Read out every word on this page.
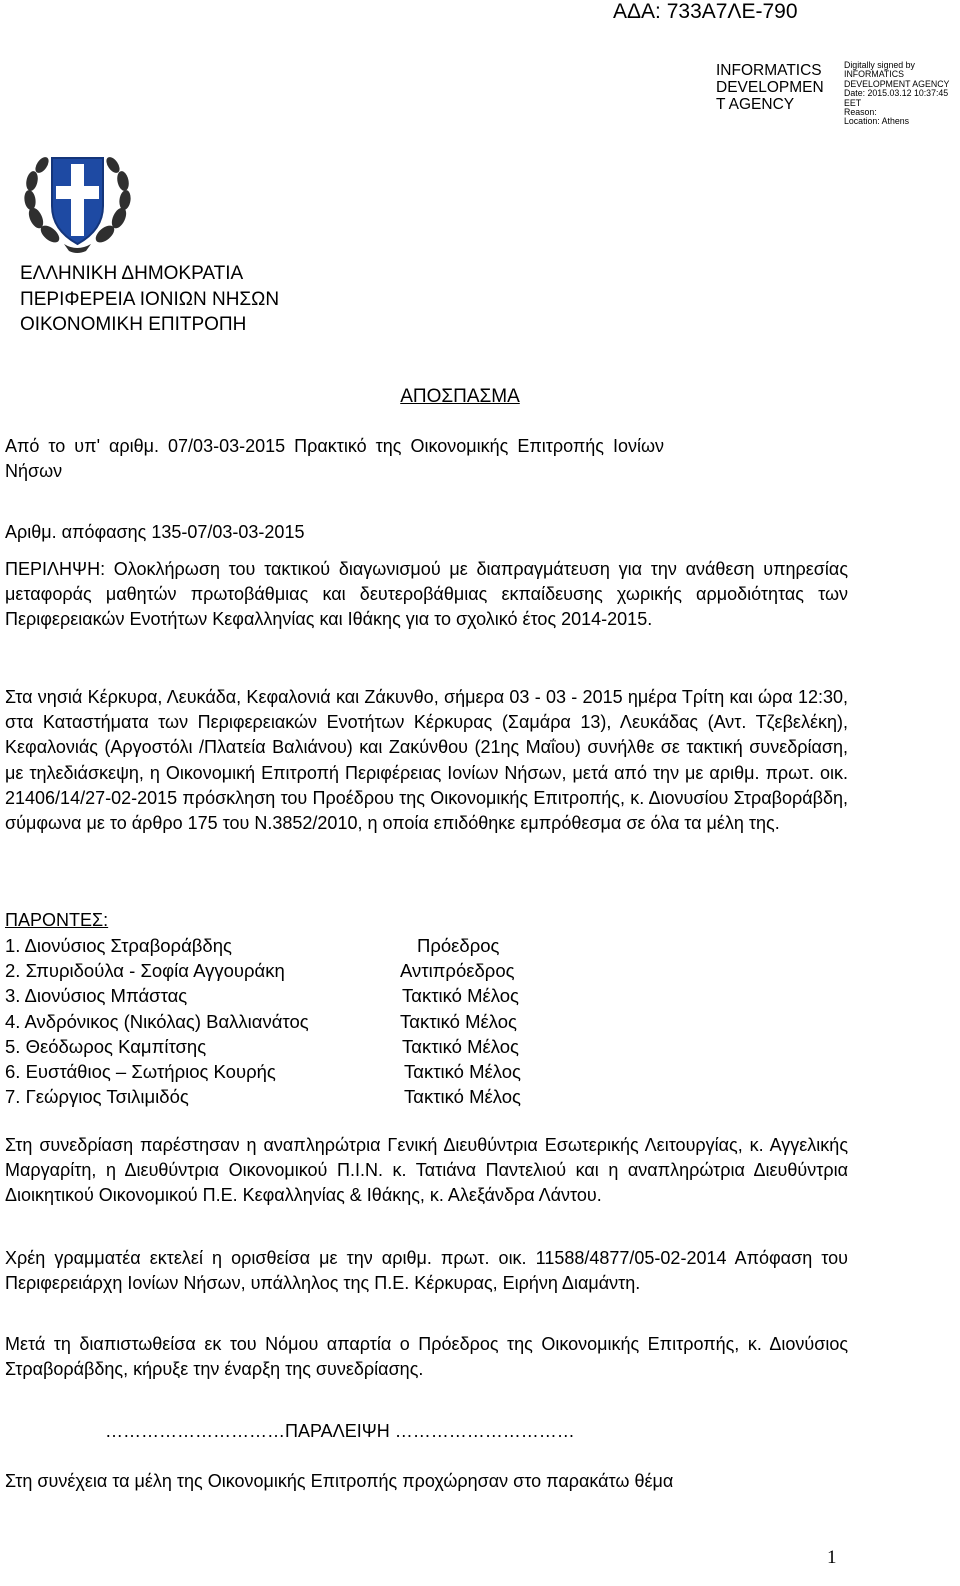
ΑΔΑ: 733Α7ΛΕ-790
INFORMATICS
DEVELOPMEN
T AGENCY
Digitally signed by
INFORMATICS
DEVELOPMENT AGENCY
Date: 2015.03.12 10:37:45
EET
Reason:
Location: Athens
ΕΛΛΗΝΙΚΗ ΔΗΜΟΚΡΑΤΙΑ
ΠΕΡΙΦΕΡΕΙΑ ΙΟΝΙΩΝ ΝΗΣΩΝ
ΟΙΚΟΝΟΜΙΚΗ ΕΠΙΤΡΟΠΗ
ΑΠΟΣΠΑΣΜΑ
Από το υπ' αριθμ. 07/03-03-2015 Πρακτικό της Οικονομικής Επιτροπής Ιονίων
Νήσων
Αριθμ. απόφασης 135-07/03-03-2015
ΠΕΡΙΛΗΨΗ: Ολοκλήρωση του τακτικού διαγωνισμού με διαπραγμάτευση για την ανάθεση υπηρεσίας μεταφοράς μαθητών πρωτοβάθμιας και δευτεροβάθμιας εκπαίδευσης χωρικής αρμοδιότητας των Περιφερειακών Ενοτήτων Κεφαλληνίας και Ιθάκης για το σχολικό έτος 2014-2015.
Στα νησιά Κέρκυρα, Λευκάδα, Κεφαλονιά και Ζάκυνθο, σήμερα 03 - 03 - 2015 ημέρα Τρίτη και ώρα 12:30, στα Καταστήματα των Περιφερειακών Ενοτήτων Κέρκυρας (Σαμάρα 13), Λευκάδας (Αντ. Τζεβελέκη), Κεφαλονιάς (Αργοστόλι /Πλατεία Βαλιάνου) και Ζακύνθου (21ης Μαΐου) συνήλθε σε τακτική συνεδρίαση, με τηλεδιάσκεψη, η Οικονομική Επιτροπή Περιφέρειας Ιονίων Νήσων, μετά από την με αριθμ. πρωτ. οικ. 21406/14/27-02-2015 πρόσκληση του Προέδρου της Οικονομικής Επιτροπής, κ. Διονυσίου Στραβοράβδη, σύμφωνα με το άρθρο 175 του Ν.3852/2010, η οποία επιδόθηκε εμπρόθεσμα σε όλα τα μέλη της.
ΠΑΡΟΝΤΕΣ:
1. Διονύσιος Στραβοράβδης	Πρόεδρος
2. Σπυριδούλα - Σοφία Αγγουράκη	Αντιπρόεδρος
3. Διονύσιος Μπάστας	Τακτικό Μέλος
4. Ανδρόνικος (Νικόλας) Βαλλιανάτος	Τακτικό Μέλος
5. Θεόδωρος Καμπίτσης	Τακτικό Μέλος
6. Ευστάθιος – Σωτήριος Κουρής	Τακτικό Μέλος
7. Γεώργιος Τσιλιμιδός	Τακτικό Μέλος
Στη συνεδρίαση παρέστησαν η αναπληρώτρια Γενική Διευθύντρια Εσωτερικής Λειτουργίας, κ. Αγγελικής Μαργαρίτη, η Διευθύντρια Οικονομικού Π.Ι.Ν. κ. Τατιάνα Παντελιού και η αναπληρώτρια Διευθύντρια Διοικητικού Οικονομικού Π.Ε. Κεφαλληνίας & Ιθάκης, κ. Αλεξάνδρα Λάντου.
Χρέη γραμματέα εκτελεί η ορισθείσα με την αριθμ. πρωτ. οικ. 11588/4877/05-02-2014 Απόφαση του Περιφερειάρχη Ιονίων Νήσων, υπάλληλος της Π.Ε. Κέρκυρας, Ειρήνη Διαμάντη.
Μετά τη διαπιστωθείσα εκ του Νόμου απαρτία ο Πρόεδρος της Οικονομικής Επιτροπής, κ. Διονύσιος Στραβοράβδης, κήρυξε την έναρξη της συνεδρίασης.
…………………………ΠΑΡΑΛΕΙΨΗ …………………………
Στη συνέχεια τα μέλη της Οικονομικής Επιτροπής προχώρησαν στο παρακάτω θέμα
1
